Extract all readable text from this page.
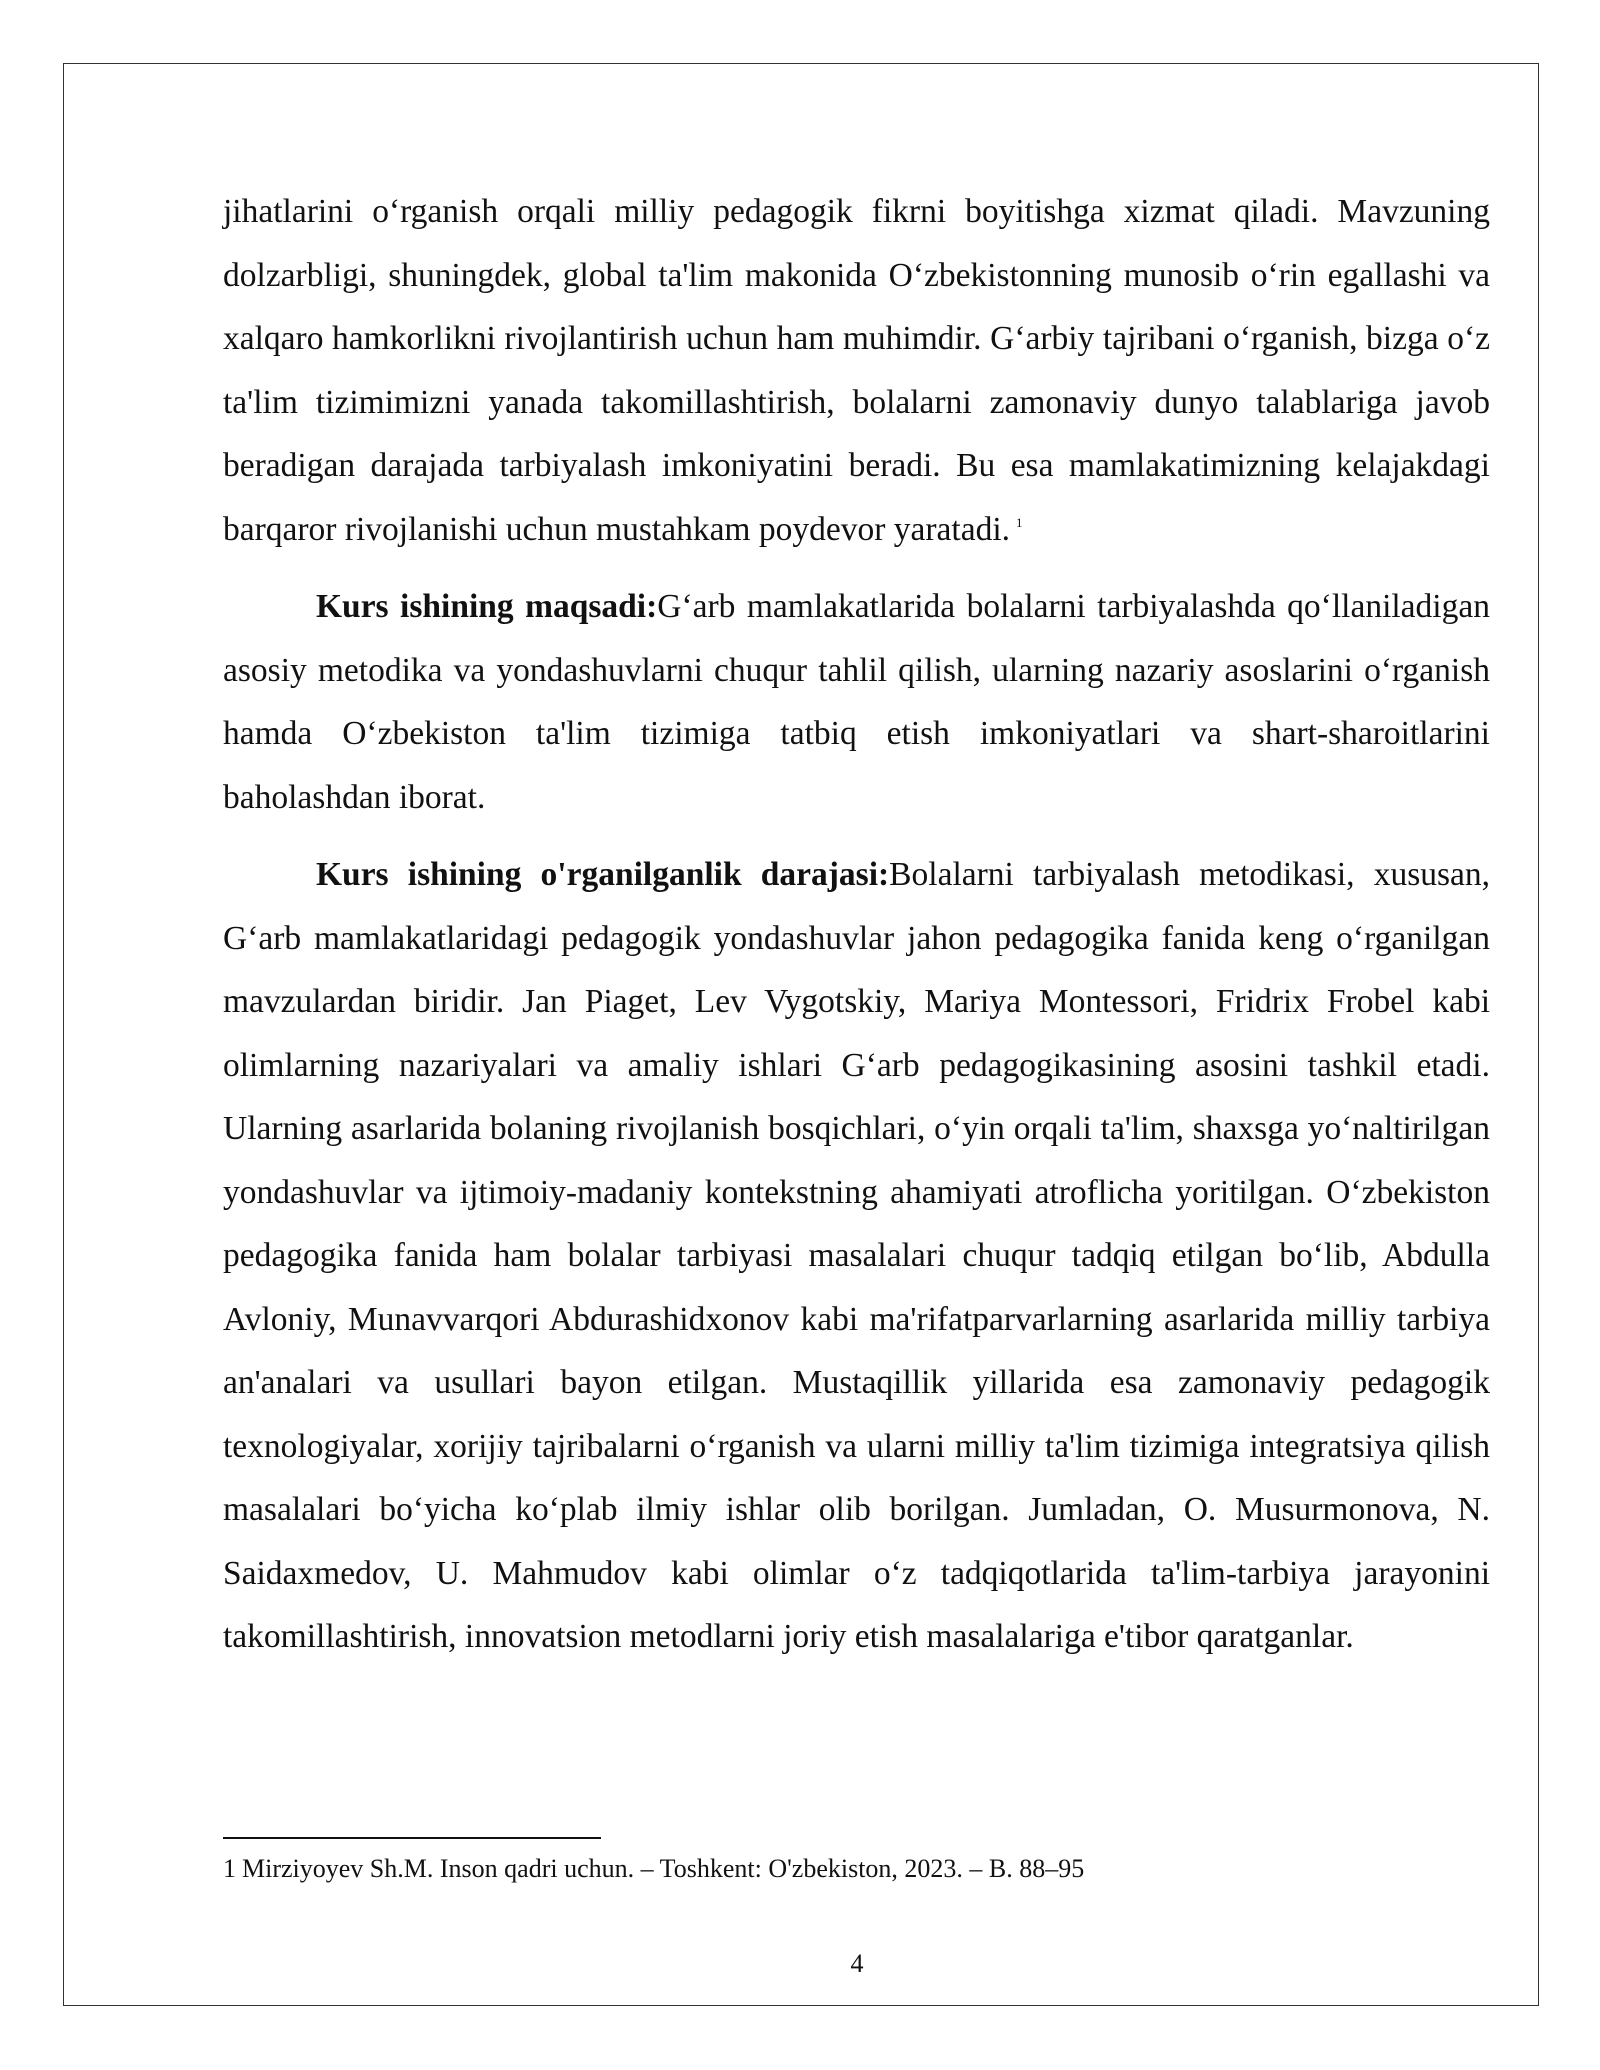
jihatlarini o‘rganish orqali milliy pedagogik fikrni boyitishga xizmat qiladi. Mavzuning dolzarbligi, shuningdek, global ta'lim makonida O‘zbekistonning munosib o‘rin egallashi va xalqaro hamkorlikni rivojlantirish uchun ham muhimdir. G‘arbiy tajribani o‘rganish, bizga o‘z ta'lim tizimimizni yanada takomillashtirish, bolalarni zamonaviy dunyo talablariga javob beradigan darajada tarbiyalash imkoniyatini beradi. Bu esa mamlakatimizning kelajakdagi barqaror rivojlanishi uchun mustahkam poydevor yaratadi. $^1$

Kurs ishining maqsadi:G‘arb mamlakatlarida bolalarni tarbiyalashda qo‘llaniladigan asosiy metodika va yondashuvlarni chuqur tahlil qilish, ularning nazariy asoslarini o‘rganish hamda O‘zbekiston ta'lim tizimiga tatbiq etish imkoniyatlari va shart-sharoitlarini baholashdan iborat.

Kurs ishining o'rganilganlik darajasi:Bolalarni tarbiyalash metodikasi, xususan, G‘arb mamlakatlaridagi pedagogik yondashuvlar jahon pedagogika fanida keng o‘rganilgan mavzulardan biridir. Jan Piaget, Lev Vygotskiy, Mariya Montessori, Fridrix Frobel kabi olimlarning nazariyalari va amaliy ishlari G‘arb pedagogikasining asosini tashkil etadi. Ularning asarlarida bolaning rivojlanish bosqichlari, o‘yin orqali ta'lim, shaxsga yo‘naltirilgan yondashuvlar va ijtimoiy-madaniy kontekstning ahamiyati atroflicha yoritilgan. O‘zbekiston pedagogika fanida ham bolalar tarbiyasi masalalari chuqur tadqiq etilgan bo‘lib, Abdulla Avloniy, Munavvarqori Abdurashidxonov kabi ma'rifatparvarlarning asarlarida milliy tarbiya an'analari va usullari bayon etilgan. Mustaqillik yillarida esa zamonaviy pedagogik texnologiyalar, xorijiy tajribalarni o‘rganish va ularni milliy ta'lim tizimiga integratsiya qilish masalalari bo‘yicha ko‘plab ilmiy ishlar olib borilgan. Jumladan, O. Musurmonova, N. Saidaxmedov, U. Mahmudov kabi olimlar o‘z tadqiqotlarida ta'lim-tarbiya jarayonini takomillashtirish, innovatsion metodlarni joriy etish masalalariga e'tibor qaratganlar.

1 Mirziyoyev Sh.M. Inson qadri uchun. – Toshkent: O'zbekiston, 2023. – B. 88–95
4
